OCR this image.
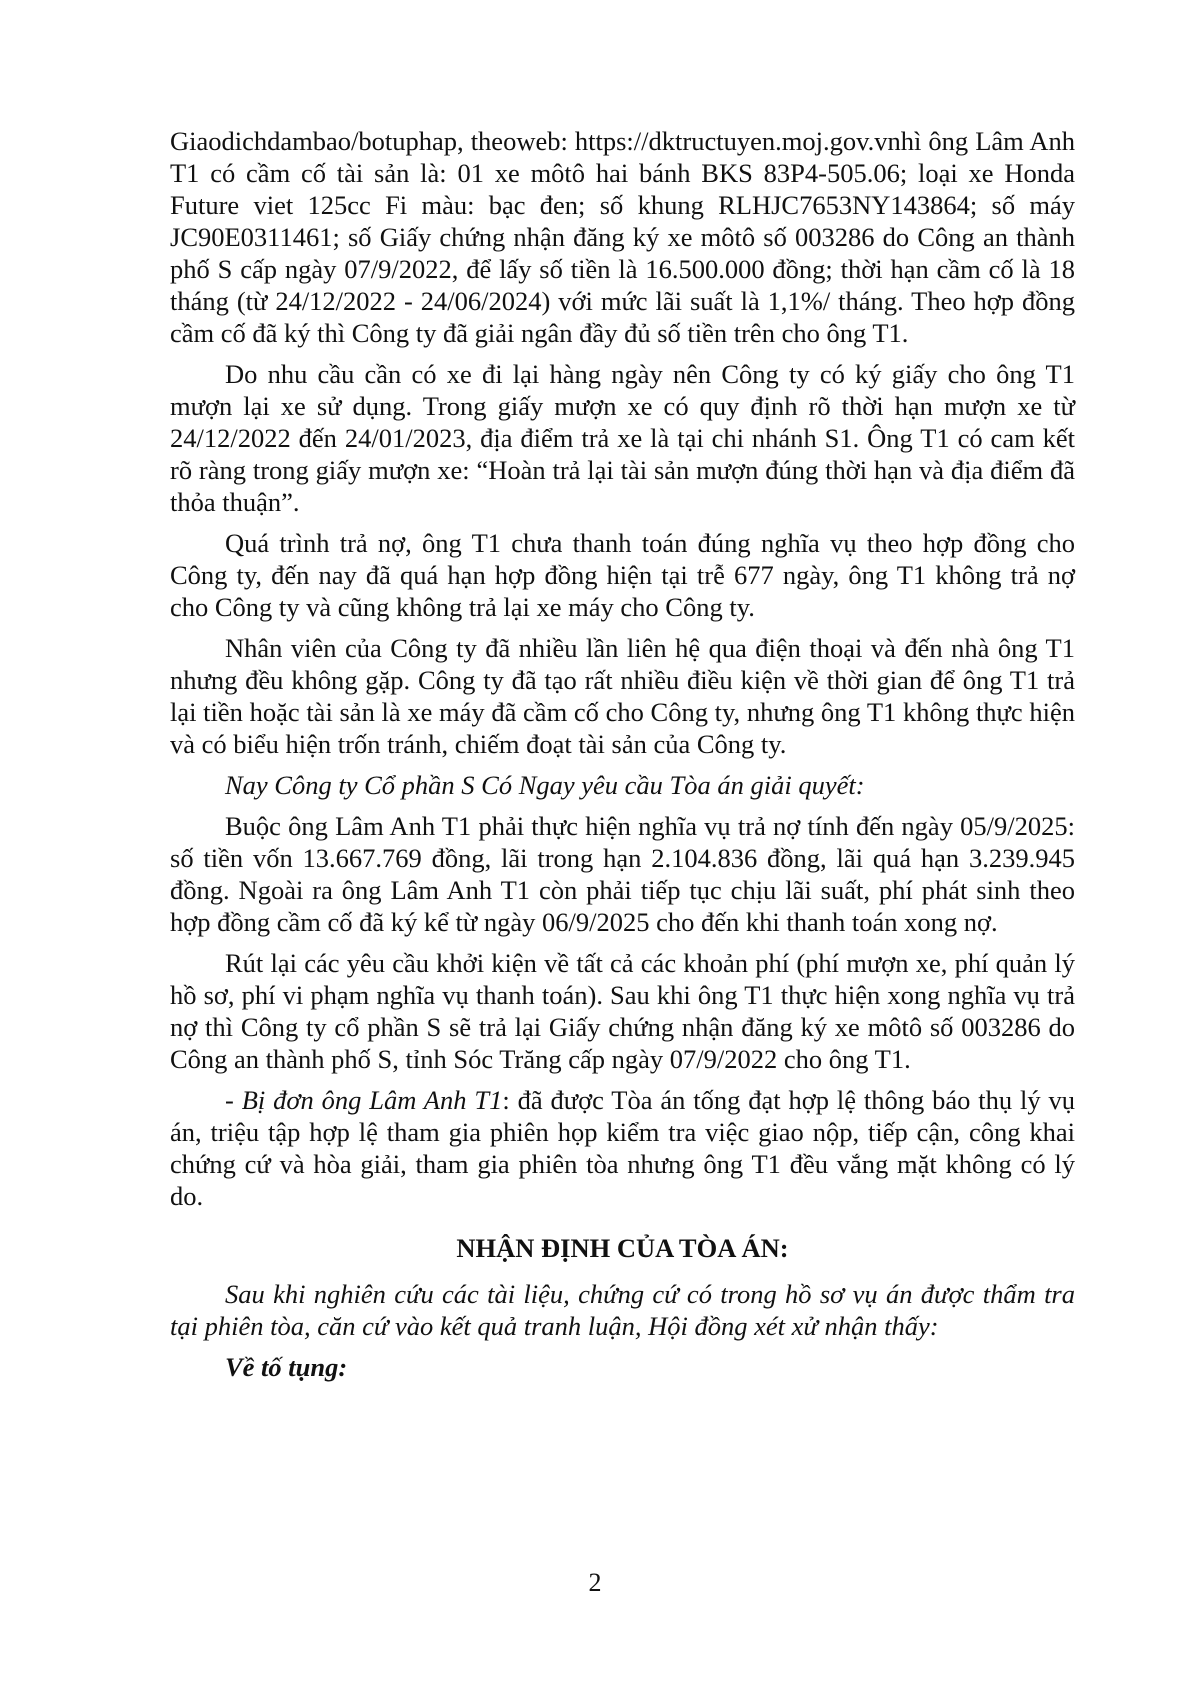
Giaodichdambao/botuphap, theoweb: https://dktructuyen.moj.gov.vnhì ông Lâm Anh T1 có cầm cố tài sản là: 01 xe môtô hai bánh BKS 83P4-505.06; loại xe Honda Future viet 125cc Fi màu: bạc đen; số khung RLHJC7653NY143864; số máy JC90E0311461; số Giấy chứng nhận đăng ký xe môtô số 003286 do Công an thành phố S cấp ngày 07/9/2022, để lấy số tiền là 16.500.000 đồng; thời hạn cầm cố là 18 tháng (từ 24/12/2022 - 24/06/2024) với mức lãi suất là 1,1%/ tháng. Theo hợp đồng cầm cố đã ký thì Công ty đã giải ngân đầy đủ số tiền trên cho ông T1.

Do nhu cầu cần có xe đi lại hàng ngày nên Công ty có ký giấy cho ông T1 mượn lại xe sử dụng. Trong giấy mượn xe có quy định rõ thời hạn mượn xe từ 24/12/2022 đến 24/01/2023, địa điểm trả xe là tại chi nhánh S1. Ông T1 có cam kết rõ ràng trong giấy mượn xe: “Hoàn trả lại tài sản mượn đúng thời hạn và địa điểm đã thỏa thuận”.

Quá trình trả nợ, ông T1 chưa thanh toán đúng nghĩa vụ theo hợp đồng cho Công ty, đến nay đã quá hạn hợp đồng hiện tại trễ 677 ngày, ông T1 không trả nợ cho Công ty và cũng không trả lại xe máy cho Công ty.

Nhân viên của Công ty đã nhiều lần liên hệ qua điện thoại và đến nhà ông T1 nhưng đều không gặp. Công ty đã tạo rất nhiều điều kiện về thời gian để ông T1 trả lại tiền hoặc tài sản là xe máy đã cầm cố cho Công ty, nhưng ông T1 không thực hiện và có biểu hiện trốn tránh, chiếm đoạt tài sản của Công ty.

Nay Công ty Cổ phần S Có Ngay yêu cầu Tòa án giải quyết:

Buộc ông Lâm Anh T1 phải thực hiện nghĩa vụ trả nợ tính đến ngày 05/9/2025: số tiền vốn 13.667.769 đồng, lãi trong hạn 2.104.836 đồng, lãi quá hạn 3.239.945 đồng. Ngoài ra ông Lâm Anh T1 còn phải tiếp tục chịu lãi suất, phí phát sinh theo hợp đồng cầm cố đã ký kể từ ngày 06/9/2025 cho đến khi thanh toán xong nợ.

Rút lại các yêu cầu khởi kiện về tất cả các khoản phí (phí mượn xe, phí quản lý hồ sơ, phí vi phạm nghĩa vụ thanh toán). Sau khi ông T1 thực hiện xong nghĩa vụ trả nợ thì Công ty cổ phần S sẽ trả lại Giấy chứng nhận đăng ký xe môtô số 003286 do Công an thành phố S, tỉnh Sóc Trăng cấp ngày 07/9/2022 cho ông T1.

- Bị đơn ông Lâm Anh T1: đã được Tòa án tống đạt hợp lệ thông báo thụ lý vụ án, triệu tập hợp lệ tham gia phiên họp kiểm tra việc giao nộp, tiếp cận, công khai chứng cứ và hòa giải, tham gia phiên tòa nhưng ông T1 đều vắng mặt không có lý do.

NHẬN ĐỊNH CỦA TÒA ÁN:

Sau khi nghiên cứu các tài liệu, chứng cứ có trong hồ sơ vụ án được thẩm tra tại phiên tòa, căn cứ vào kết quả tranh luận, Hội đồng xét xử nhận thấy:

Về tố tụng:

2
